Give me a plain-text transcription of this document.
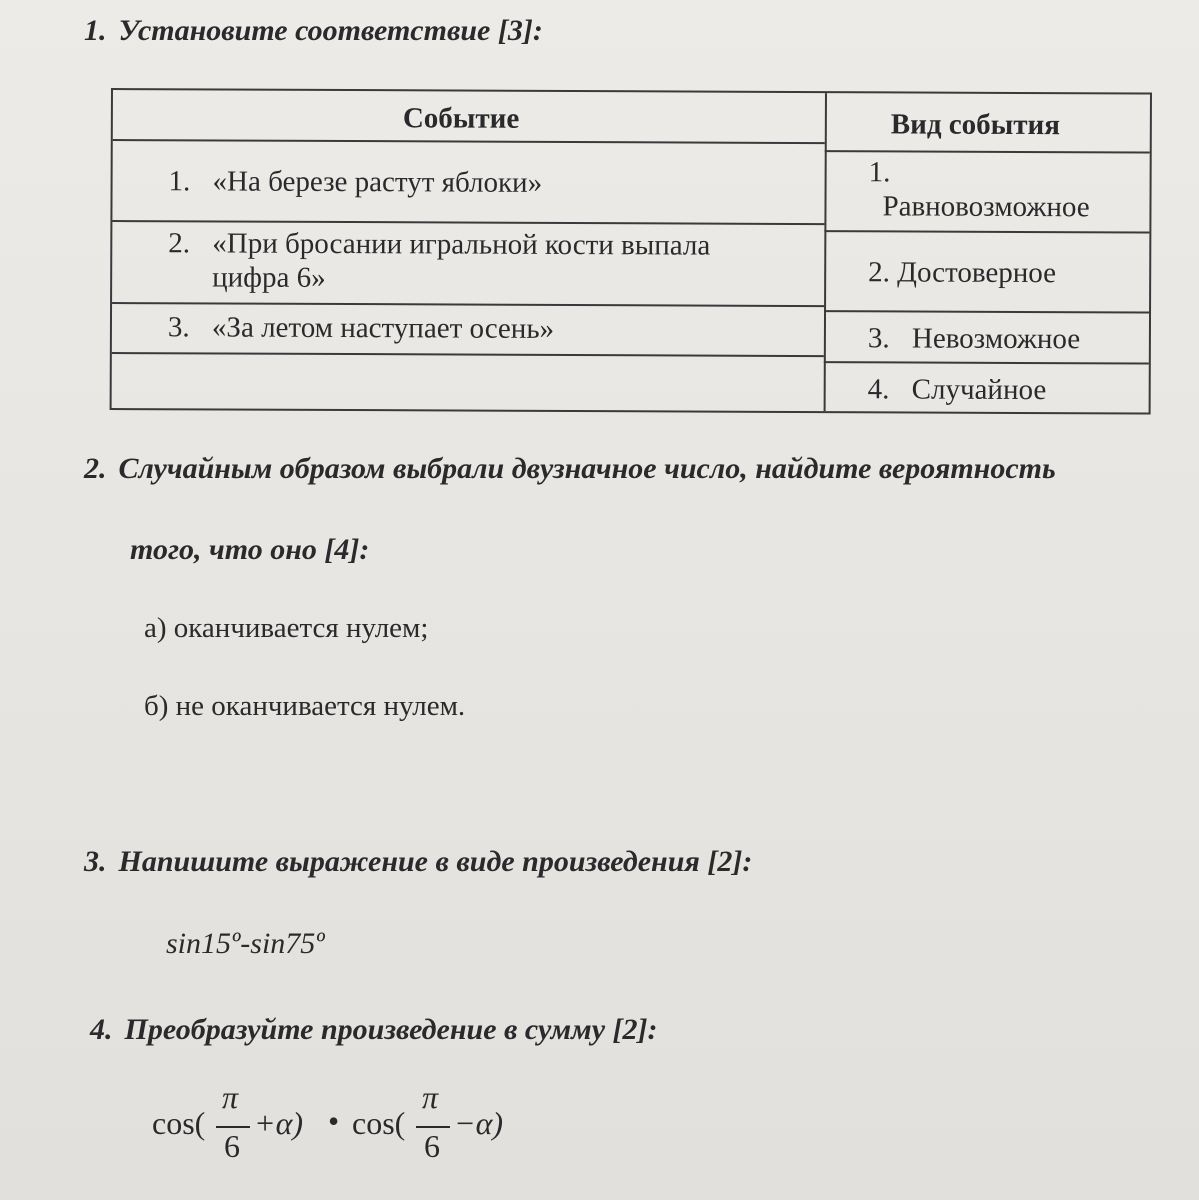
1. Установите соответствие [3]:
Событие	Вид события
1. «На березе растут яблоки»
2. «При бросании игральной кости выпала
цифра 6»
3. «За летом наступает осень»
1.
Равновозможное
2. Достоверное
3. Невозможное
4. Случайное
2. Случайным образом выбрали двузначное число, найдите вероятность
того, что оно [4]:
а) оканчивается нулем;
б) не оканчивается нулем.
3. Напишите выражение в виде произведения [2]:
sin15º-sin75º
4. Преобразуйте произведение в сумму [2]:
cos(
π
6
+α) • cos(
π
6
−α)
